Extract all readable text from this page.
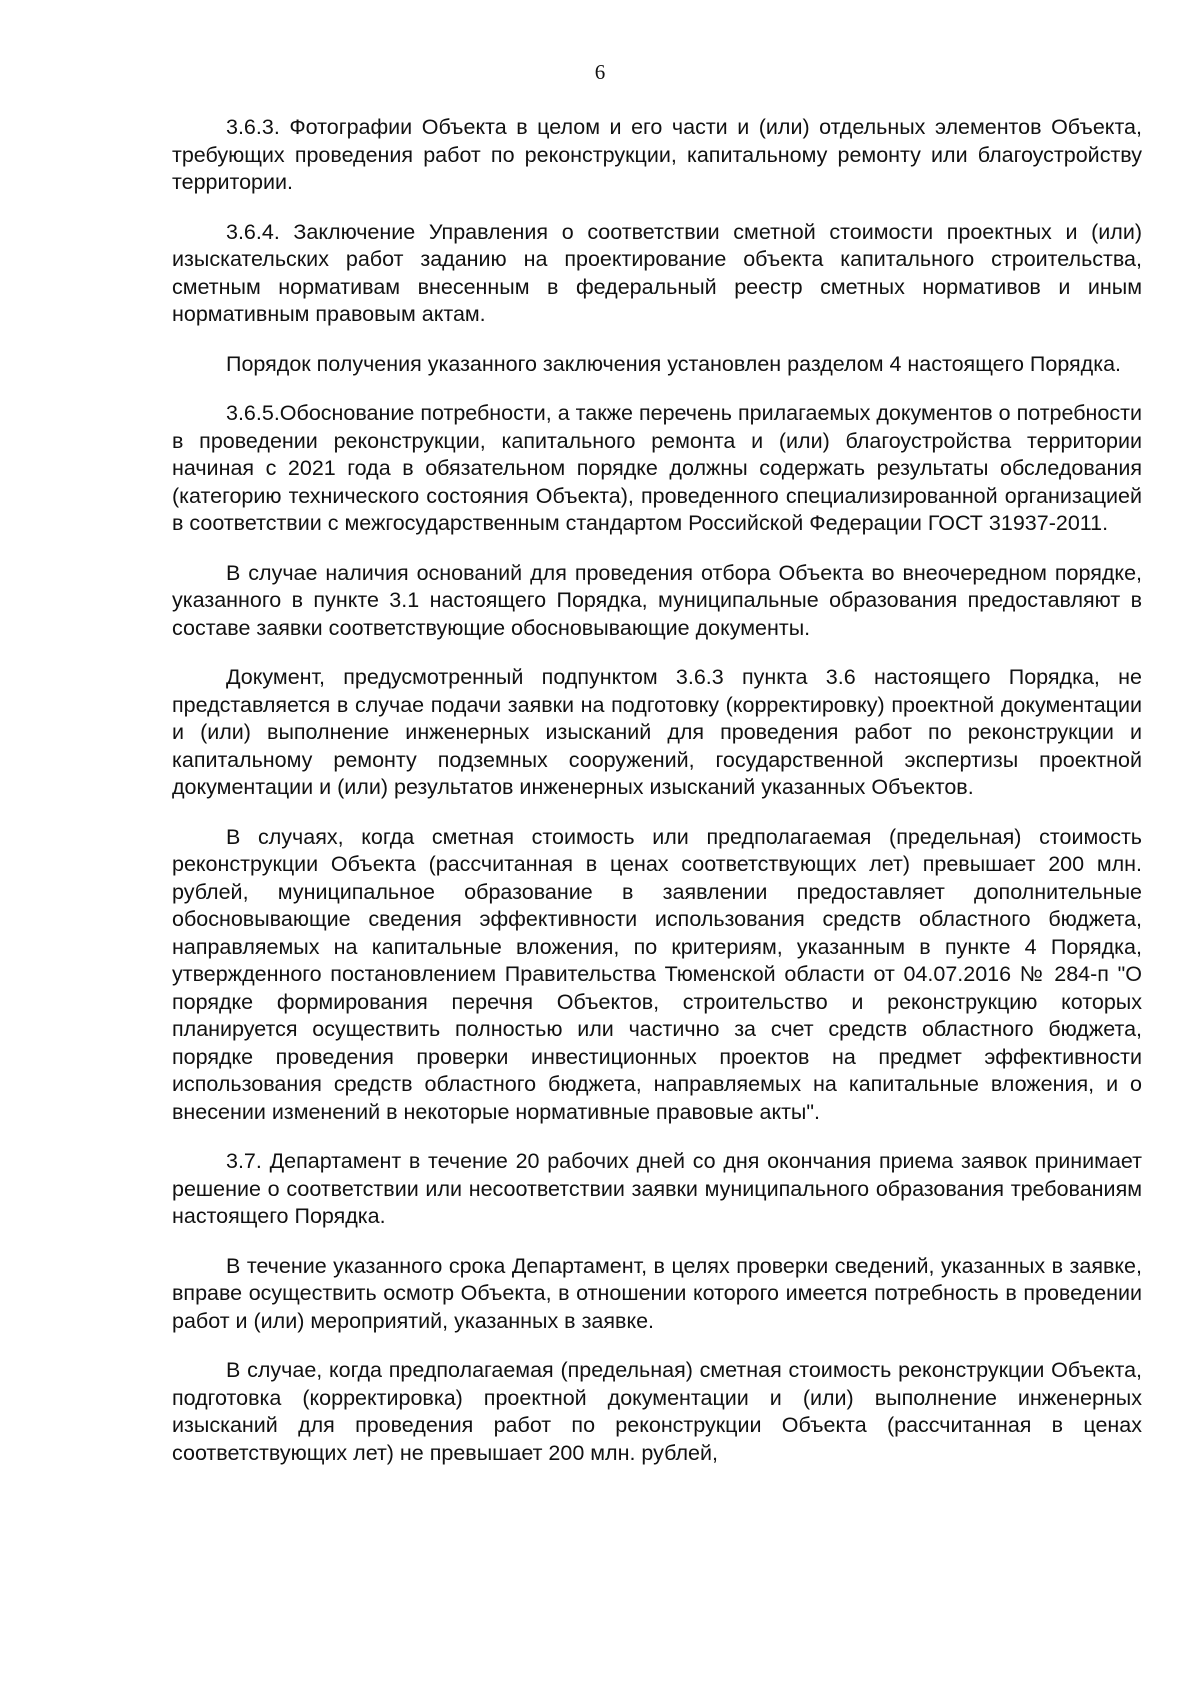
6

3.6.3. Фотографии Объекта в целом и его части и (или) отдельных элементов Объекта, требующих проведения работ по реконструкции, капитальному ремонту или благоустройству территории.

3.6.4. Заключение Управления о соответствии сметной стоимости проектных и (или) изыскательских работ заданию на проектирование объекта капитального строительства, сметным нормативам внесенным в федеральный реестр сметных нормативов и иным нормативным правовым актам.

Порядок получения указанного заключения установлен разделом 4 настоящего Порядка.

3.6.5.Обоснование потребности, а также перечень прилагаемых документов о потребности в проведении реконструкции, капитального ремонта и (или) благоустройства территории начиная с 2021 года в обязательном порядке должны содержать результаты обследования (категорию технического состояния Объекта), проведенного специализированной организацией в соответствии с межгосударственным стандартом Российской Федерации ГОСТ 31937-2011.

В случае наличия оснований для проведения отбора Объекта во внеочередном порядке, указанного в пункте 3.1 настоящего Порядка, муниципальные образования предоставляют в составе заявки соответствующие обосновывающие документы.

Документ, предусмотренный подпунктом 3.6.3 пункта 3.6 настоящего Порядка, не представляется в случае подачи заявки на подготовку (корректировку) проектной документации и (или) выполнение инженерных изысканий для проведения работ по реконструкции и капитальному ремонту подземных сооружений, государственной экспертизы проектной документации и (или) результатов инженерных изысканий указанных Объектов.

В случаях, когда сметная стоимость или предполагаемая (предельная) стоимость реконструкции Объекта (рассчитанная в ценах соответствующих лет) превышает 200 млн. рублей, муниципальное образование в заявлении предоставляет дополнительные обосновывающие сведения эффективности использования средств областного бюджета, направляемых на капитальные вложения, по критериям, указанным в пункте 4 Порядка, утвержденного постановлением Правительства Тюменской области от 04.07.2016 № 284-п "О порядке формирования перечня Объектов, строительство и реконструкцию которых планируется осуществить полностью или частично за счет средств областного бюджета, порядке проведения проверки инвестиционных проектов на предмет эффективности использования средств областного бюджета, направляемых на капитальные вложения, и о внесении изменений в некоторые нормативные правовые акты".

3.7. Департамент в течение 20 рабочих дней со дня окончания приема заявок принимает решение о соответствии или несоответствии заявки муниципального образования требованиям настоящего Порядка.

В течение указанного срока Департамент, в целях проверки сведений, указанных в заявке, вправе осуществить осмотр Объекта, в отношении которого имеется потребность в проведении работ и (или) мероприятий, указанных в заявке.

В случае, когда предполагаемая (предельная) сметная стоимость реконструкции Объекта, подготовка (корректировка) проектной документации и (или) выполнение инженерных изысканий для проведения работ по реконструкции Объекта (рассчитанная в ценах соответствующих лет) не превышает 200 млн. рублей,
